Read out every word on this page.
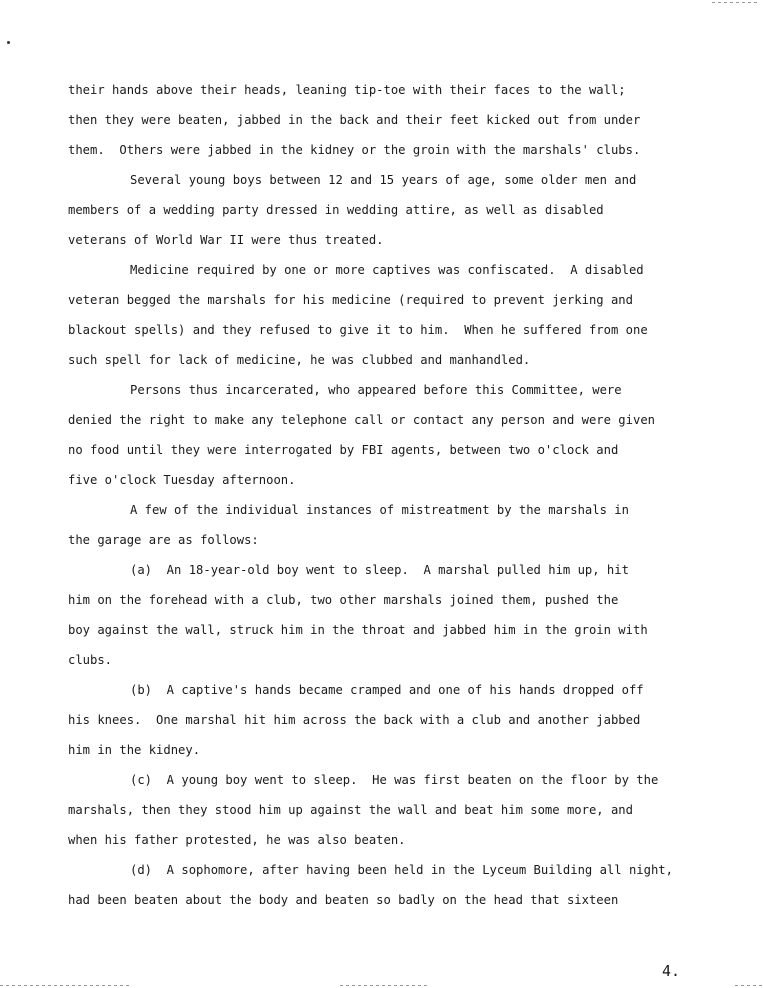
their hands above their heads, leaning tip-toe with their faces to the wall;
then they were beaten, jabbed in the back and their feet kicked out from under
them.  Others were jabbed in the kidney or the groin with the marshals' clubs.
Several young boys between 12 and 15 years of age, some older men and
members of a wedding party dressed in wedding attire, as well as disabled
veterans of World War II were thus treated.
Medicine required by one or more captives was confiscated.  A disabled
veteran begged the marshals for his medicine (required to prevent jerking and
blackout spells) and they refused to give it to him.  When he suffered from one
such spell for lack of medicine, he was clubbed and manhandled.
Persons thus incarcerated, who appeared before this Committee, were
denied the right to make any telephone call or contact any person and were given
no food until they were interrogated by FBI agents, between two o'clock and
five o'clock Tuesday afternoon.
A few of the individual instances of mistreatment by the marshals in
the garage are as follows:
(a)  An 18-year-old boy went to sleep.  A marshal pulled him up, hit
him on the forehead with a club, two other marshals joined them, pushed the
boy against the wall, struck him in the throat and jabbed him in the groin with
clubs.
(b)  A captive's hands became cramped and one of his hands dropped off
his knees.  One marshal hit him across the back with a club and another jabbed
him in the kidney.
(c)  A young boy went to sleep.  He was first beaten on the floor by the
marshals, then they stood him up against the wall and beat him some more, and
when his father protested, he was also beaten.
(d)  A sophomore, after having been held in the Lyceum Building all night,
had been beaten about the body and beaten so badly on the head that sixteen
4.
